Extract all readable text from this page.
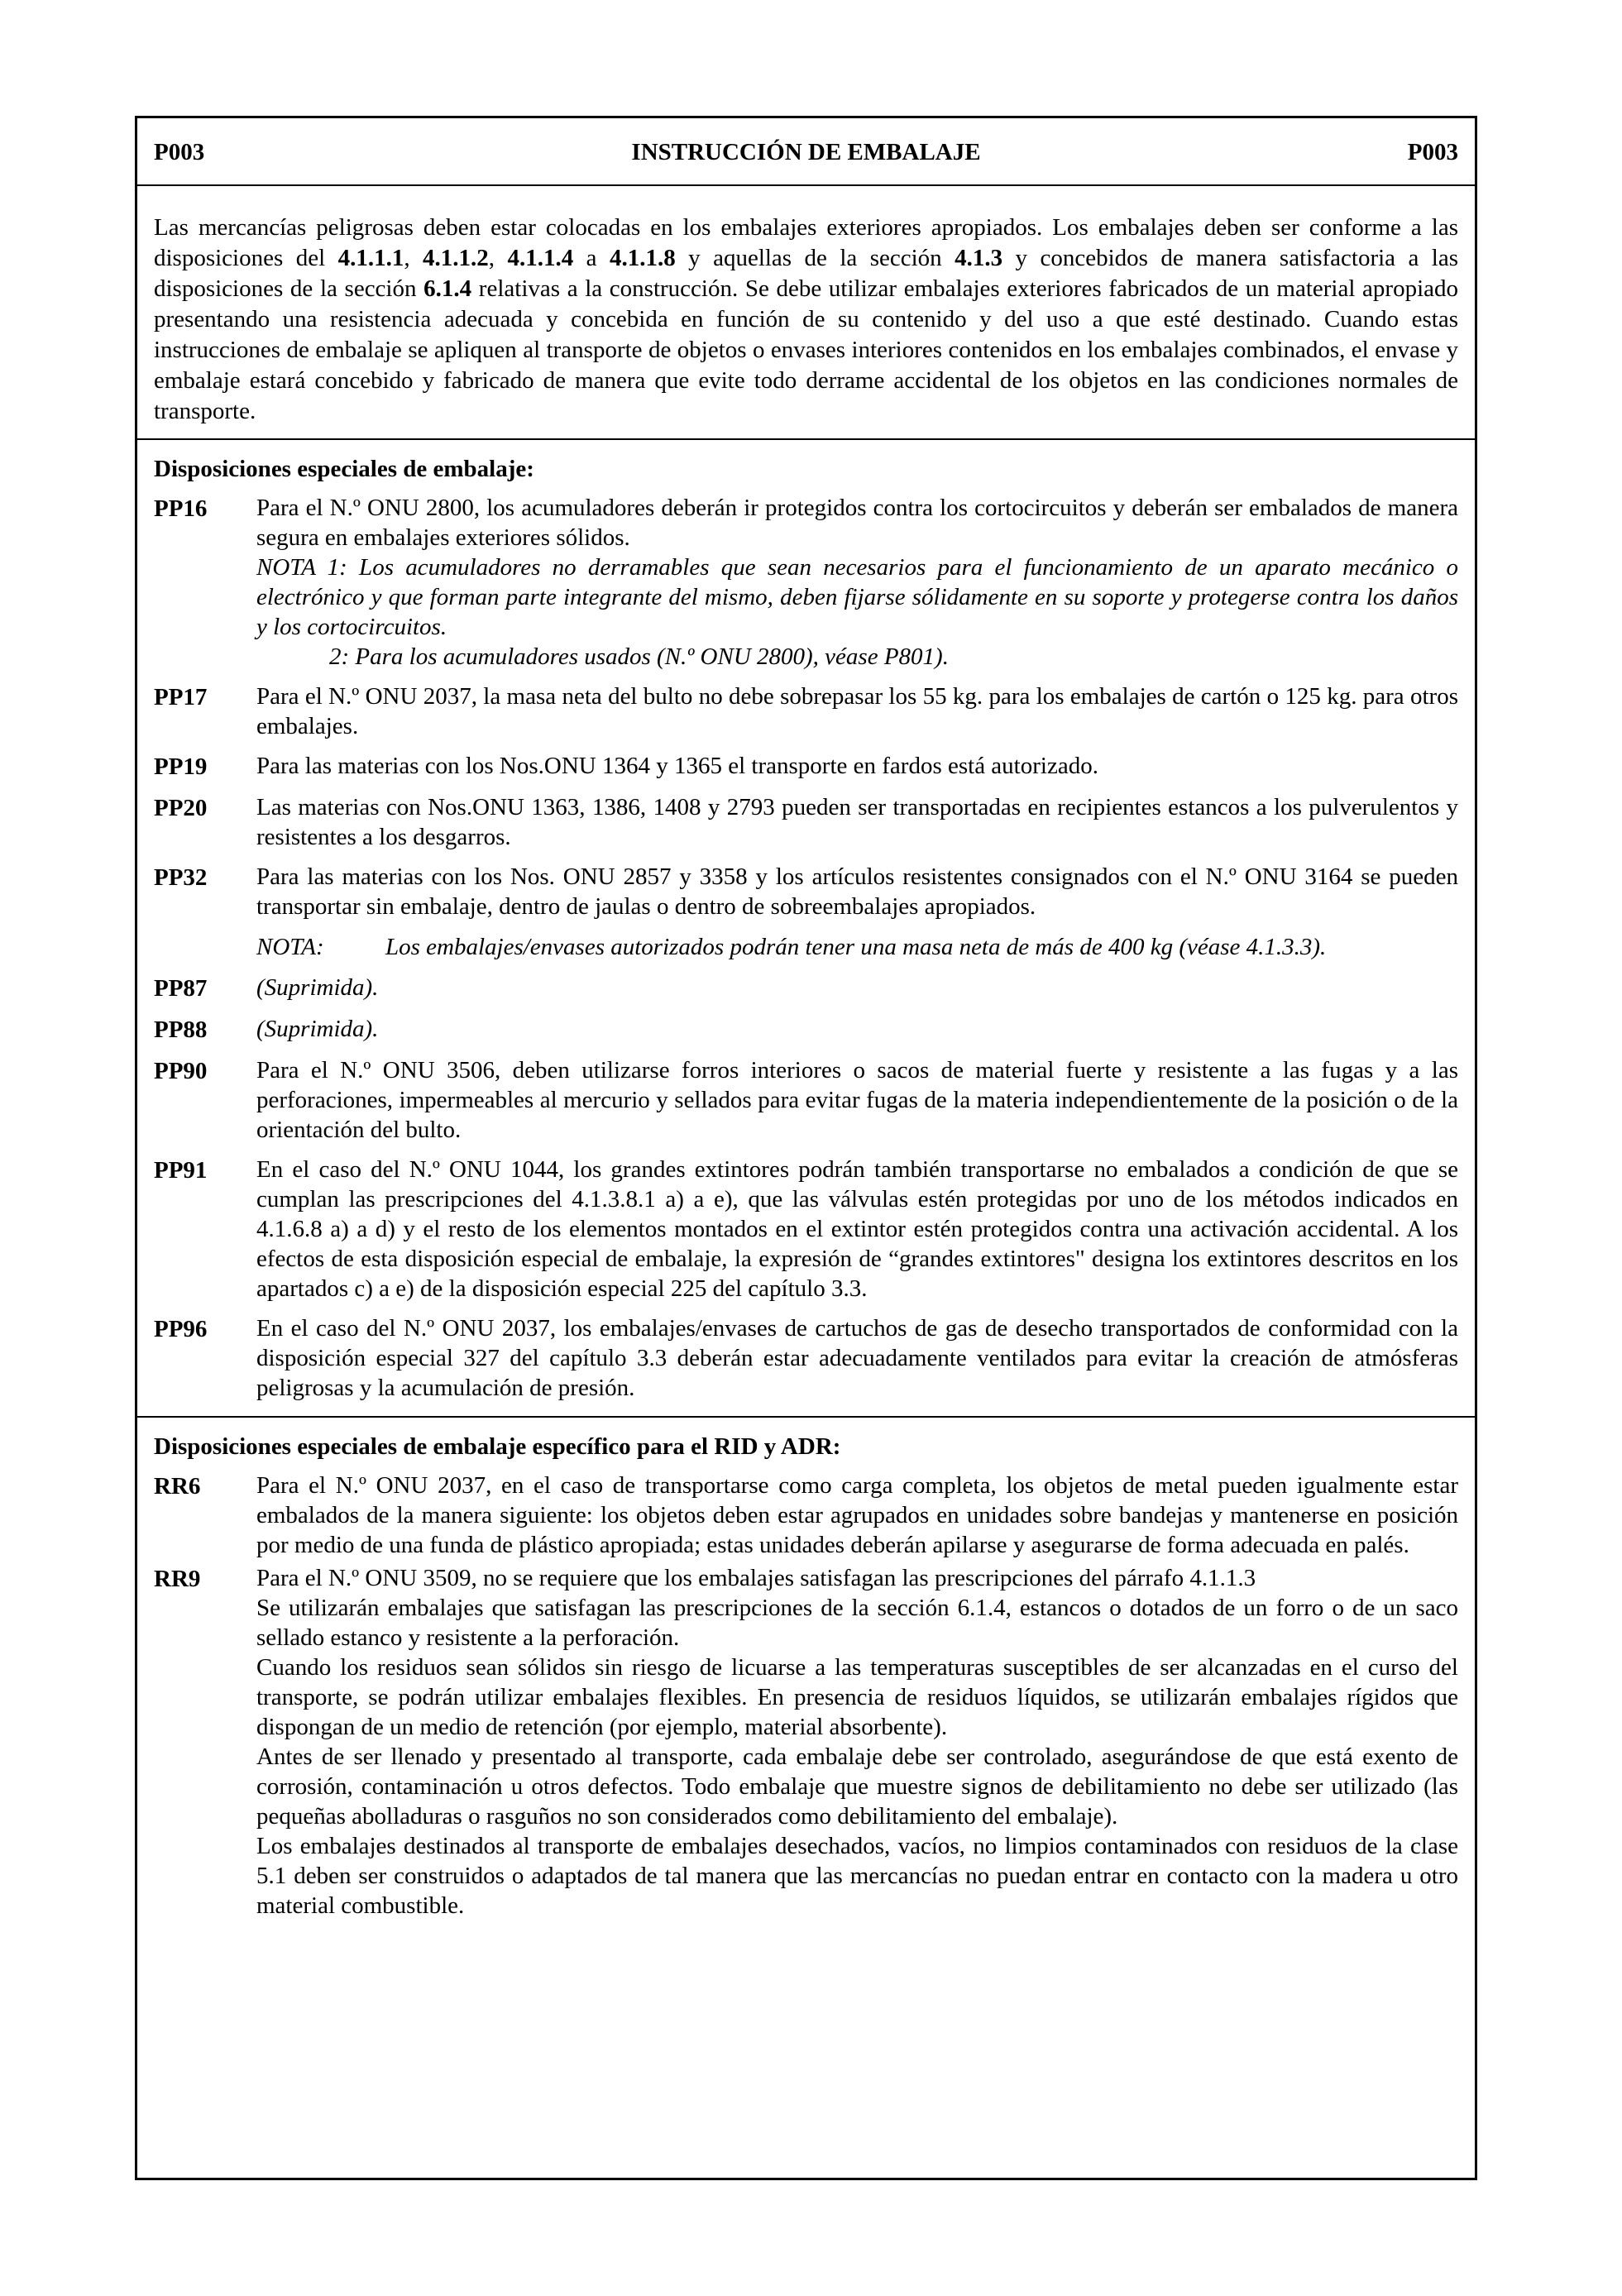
P003	INSTRUCCIÓN DE EMBALAJE	P003
Las mercancías peligrosas deben estar colocadas en los embalajes exteriores apropiados. Los embalajes deben ser conforme a las disposiciones del 4.1.1.1, 4.1.1.2, 4.1.1.4 a 4.1.1.8 y aquellas de la sección 4.1.3 y concebidos de manera satisfactoria a las disposiciones de la sección 6.1.4 relativas a la construcción. Se debe utilizar embalajes exteriores fabricados de un material apropiado presentando una resistencia adecuada y concebida en función de su contenido y del uso a que esté destinado. Cuando estas instrucciones de embalaje se apliquen al transporte de objetos o envases interiores contenidos en los embalajes combinados, el envase y embalaje estará concebido y fabricado de manera que evite todo derrame accidental de los objetos en las condiciones normales de transporte.
Disposiciones especiales de embalaje:
PP16	Para el N.º ONU 2800, los acumuladores deberán ir protegidos contra los cortocircuitos y deberán ser embalados de manera segura en embalajes exteriores sólidos.

NOTA 1: Los acumuladores no derramables que sean necesarios para el funcionamiento de un aparato mecánico o electrónico y que forman parte integrante del mismo, deben fijarse sólidamente en su soporte y protegerse contra los daños y los cortocircuitos.

2: Para los acumuladores usados (N.º ONU 2800), véase P801).

PP17	Para el N.º ONU 2037, la masa neta del bulto no debe sobrepasar los 55 kg. para los embalajes de cartón o 125 kg. para otros embalajes.
PP19	Para las materias con los Nos.ONU 1364 y 1365 el transporte en fardos está autorizado.
PP20	Las materias con Nos.ONU 1363, 1386, 1408 y 2793 pueden ser transportadas en recipientes estancos a los pulverulentos y resistentes a los desgarros.
PP32	Para las materias con los Nos. ONU 2857 y 3358 y los artículos resistentes consignados con el N.º ONU 3164 se pueden transportar sin embalaje, dentro de jaulas o dentro de sobreembalajes apropiados.
NOTA:	Los embalajes/envases autorizados podrán tener una masa neta de más de 400 kg (véase 4.1.3.3).
PP87	(Suprimida).
PP88	(Suprimida).
PP90	Para el N.º ONU 3506, deben utilizarse forros interiores o sacos de material fuerte y resistente a las fugas y a las perforaciones, impermeables al mercurio y sellados para evitar fugas de la materia independientemente de la posición o de la orientación del bulto.
PP91	En el caso del N.º ONU 1044, los grandes extintores podrán también transportarse no embalados a condición de que se cumplan las prescripciones del 4.1.3.8.1 a) a e), que las válvulas estén protegidas por uno de los métodos indicados en 4.1.6.8 a) a d) y el resto de los elementos montados en el extintor estén protegidos contra una activación accidental. A los efectos de esta disposición especial de embalaje, la expresión de “grandes extintores" designa los extintores descritos en los apartados c) a e) de la disposición especial 225 del capítulo 3.3.
PP96	En el caso del N.º ONU 2037, los embalajes/envases de cartuchos de gas de desecho transportados de conformidad con la disposición especial 327 del capítulo 3.3 deberán estar adecuadamente ventilados para evitar la creación de atmósferas peligrosas y la acumulación de presión.
Disposiciones especiales de embalaje específico para el RID y ADR:
RR6	Para el N.º ONU 2037, en el caso de transportarse como carga completa, los objetos de metal pueden igualmente estar embalados de la manera siguiente: los objetos deben estar agrupados en unidades sobre bandejas y mantenerse en posición por medio de una funda de plástico apropiada; estas unidades deberán apilarse y asegurarse de forma adecuada en palés.
RR9	Para el N.º ONU 3509, no se requiere que los embalajes satisfagan las prescripciones del párrafo 4.1.1.3

Se utilizarán embalajes que satisfagan las prescripciones de la sección 6.1.4, estancos o dotados de un forro o de un saco sellado estanco y resistente a la perforación.

Cuando los residuos sean sólidos sin riesgo de licuarse a las temperaturas susceptibles de ser alcanzadas en el curso del transporte, se podrán utilizar embalajes flexibles. En presencia de residuos líquidos, se utilizarán embalajes rígidos que dispongan de un medio de retención (por ejemplo, material absorbente).

Antes de ser llenado y presentado al transporte, cada embalaje debe ser controlado, asegurándose de que está exento de corrosión, contaminación u otros defectos. Todo embalaje que muestre signos de debilitamiento no debe ser utilizado (las pequeñas abolladuras o rasguños no son considerados como debilitamiento del embalaje).

Los embalajes destinados al transporte de embalajes desechados, vacíos, no limpios contaminados con residuos de la clase 5.1 deben ser construidos o adaptados de tal manera que las mercancías no puedan entrar en contacto con la madera u otro material combustible.
